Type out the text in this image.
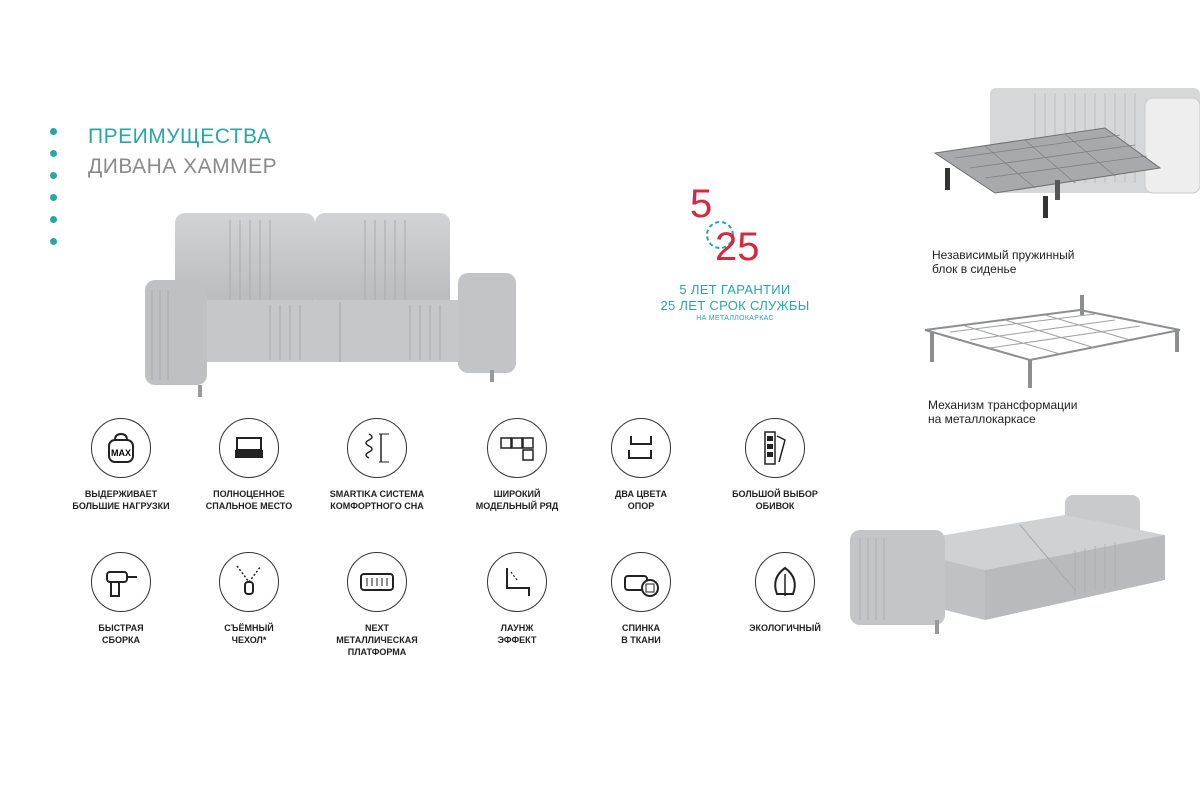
ПРЕИМУЩЕСТВА
ДИВАНА ХАММЕР
5
25
5 ЛЕТ ГАРАНТИИ
25 ЛЕТ СРОК СЛУЖБЫ
НА МЕТАЛЛОКАРКАС
Независимый пружинный
блок в сиденье
Механизм трансформации
на металлокаркасе
MAX
ВЫДЕРЖИВАЕТ
БОЛЬШИЕ НАГРУЗКИ
ПОЛНОЦЕННОЕ
СПАЛЬНОЕ МЕСТО
SMARTIKA СИСТЕМА
КОМФОРТНОГО СНА
ШИРОКИЙ
МОДЕЛЬНЫЙ РЯД
ДВА ЦВЕТА
ОПОР
БОЛЬШОЙ ВЫБОР
ОБИВОК
БЫСТРАЯ
СБОРКА
СЪЁМНЫЙ
ЧЕХОЛ*
NEXT
МЕТАЛЛИЧЕСКАЯ
ПЛАТФОРМА
ЛАУНЖ
ЭФФЕКТ
СПИНКА
В ТКАНИ
ЭКОЛОГИЧНЫЙ
